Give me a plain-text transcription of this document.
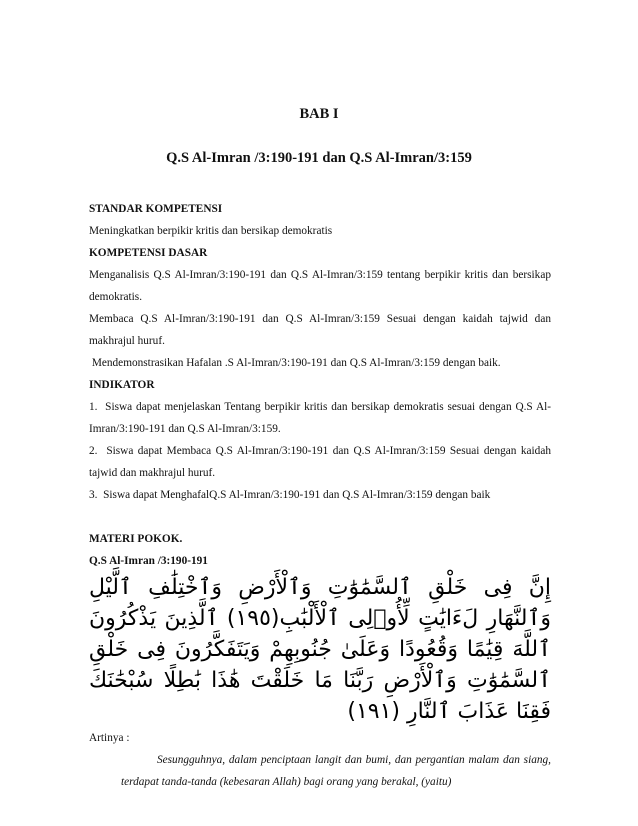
BAB I
Q.S Al-Imran /3:190-191 dan Q.S Al-Imran/3:159

STANDAR KOMPETENSI

Meningkatkan berpikir kritis dan bersikap demokratis

KOMPETENSI DASAR

Menganalisis Q.S Al-Imran/3:190-191 dan Q.S Al-Imran/3:159 tentang berpikir kritis dan bersikap demokratis.

Membaca Q.S Al-Imran/3:190-191 dan Q.S Al-Imran/3:159 Sesuai dengan kaidah tajwid dan makhrajul huruf.

Mendemonstrasikan Hafalan .S Al-Imran/3:190-191 dan Q.S Al-Imran/3:159 dengan baik.

INDIKATOR

1.  Siswa dapat menjelaskan Tentang berpikir kritis dan bersikap demokratis sesuai dengan Q.S Al-Imran/3:190-191 dan Q.S Al-Imran/3:159.

2.  Siswa dapat Membaca Q.S Al-Imran/3:190-191 dan Q.S Al-Imran/3:159 Sesuai dengan kaidah tajwid dan makhrajul huruf.

3.  Siswa dapat MenghafalQ.S Al-Imran/3:190-191 dan Q.S Al-Imran/3:159 dengan baik

MATERI POKOK.

Q.S Al-Imran /3:190-191

إِنَّ فِى خَلْقِ ٱلسَّمَٰوَٰتِ وَٱلْأَرْضِ وَٱخْتِلَٰفِ ٱلَّيْلِ وَٱلنَّهَارِ لَءَايَٰتٍ لِّأُو۟لِى ٱلْأَلْبَٰبِ(١٩٥) ٱلَّذِينَ يَذْكُرُونَ ٱللَّهَ قِيَٰمًا وَقُعُودًا وَعَلَىٰ جُنُوبِهِمْ وَيَتَفَكَّرُونَ فِى خَلْقِ ٱلسَّمَٰوَٰتِ وَٱلْأَرْضِ رَبَّنَا مَا خَلَقْتَ هَٰذَا بَٰطِلًا سُبْحَٰنَكَ فَقِنَا عَذَابَ ٱلنَّارِ (١٩١)

Artinya :

Sesungguhnya, dalam penciptaan langit dan bumi, dan pergantian malam dan siang, terdapat tanda-tanda (kebesaran Allah) bagi orang yang berakal, (yaitu)
